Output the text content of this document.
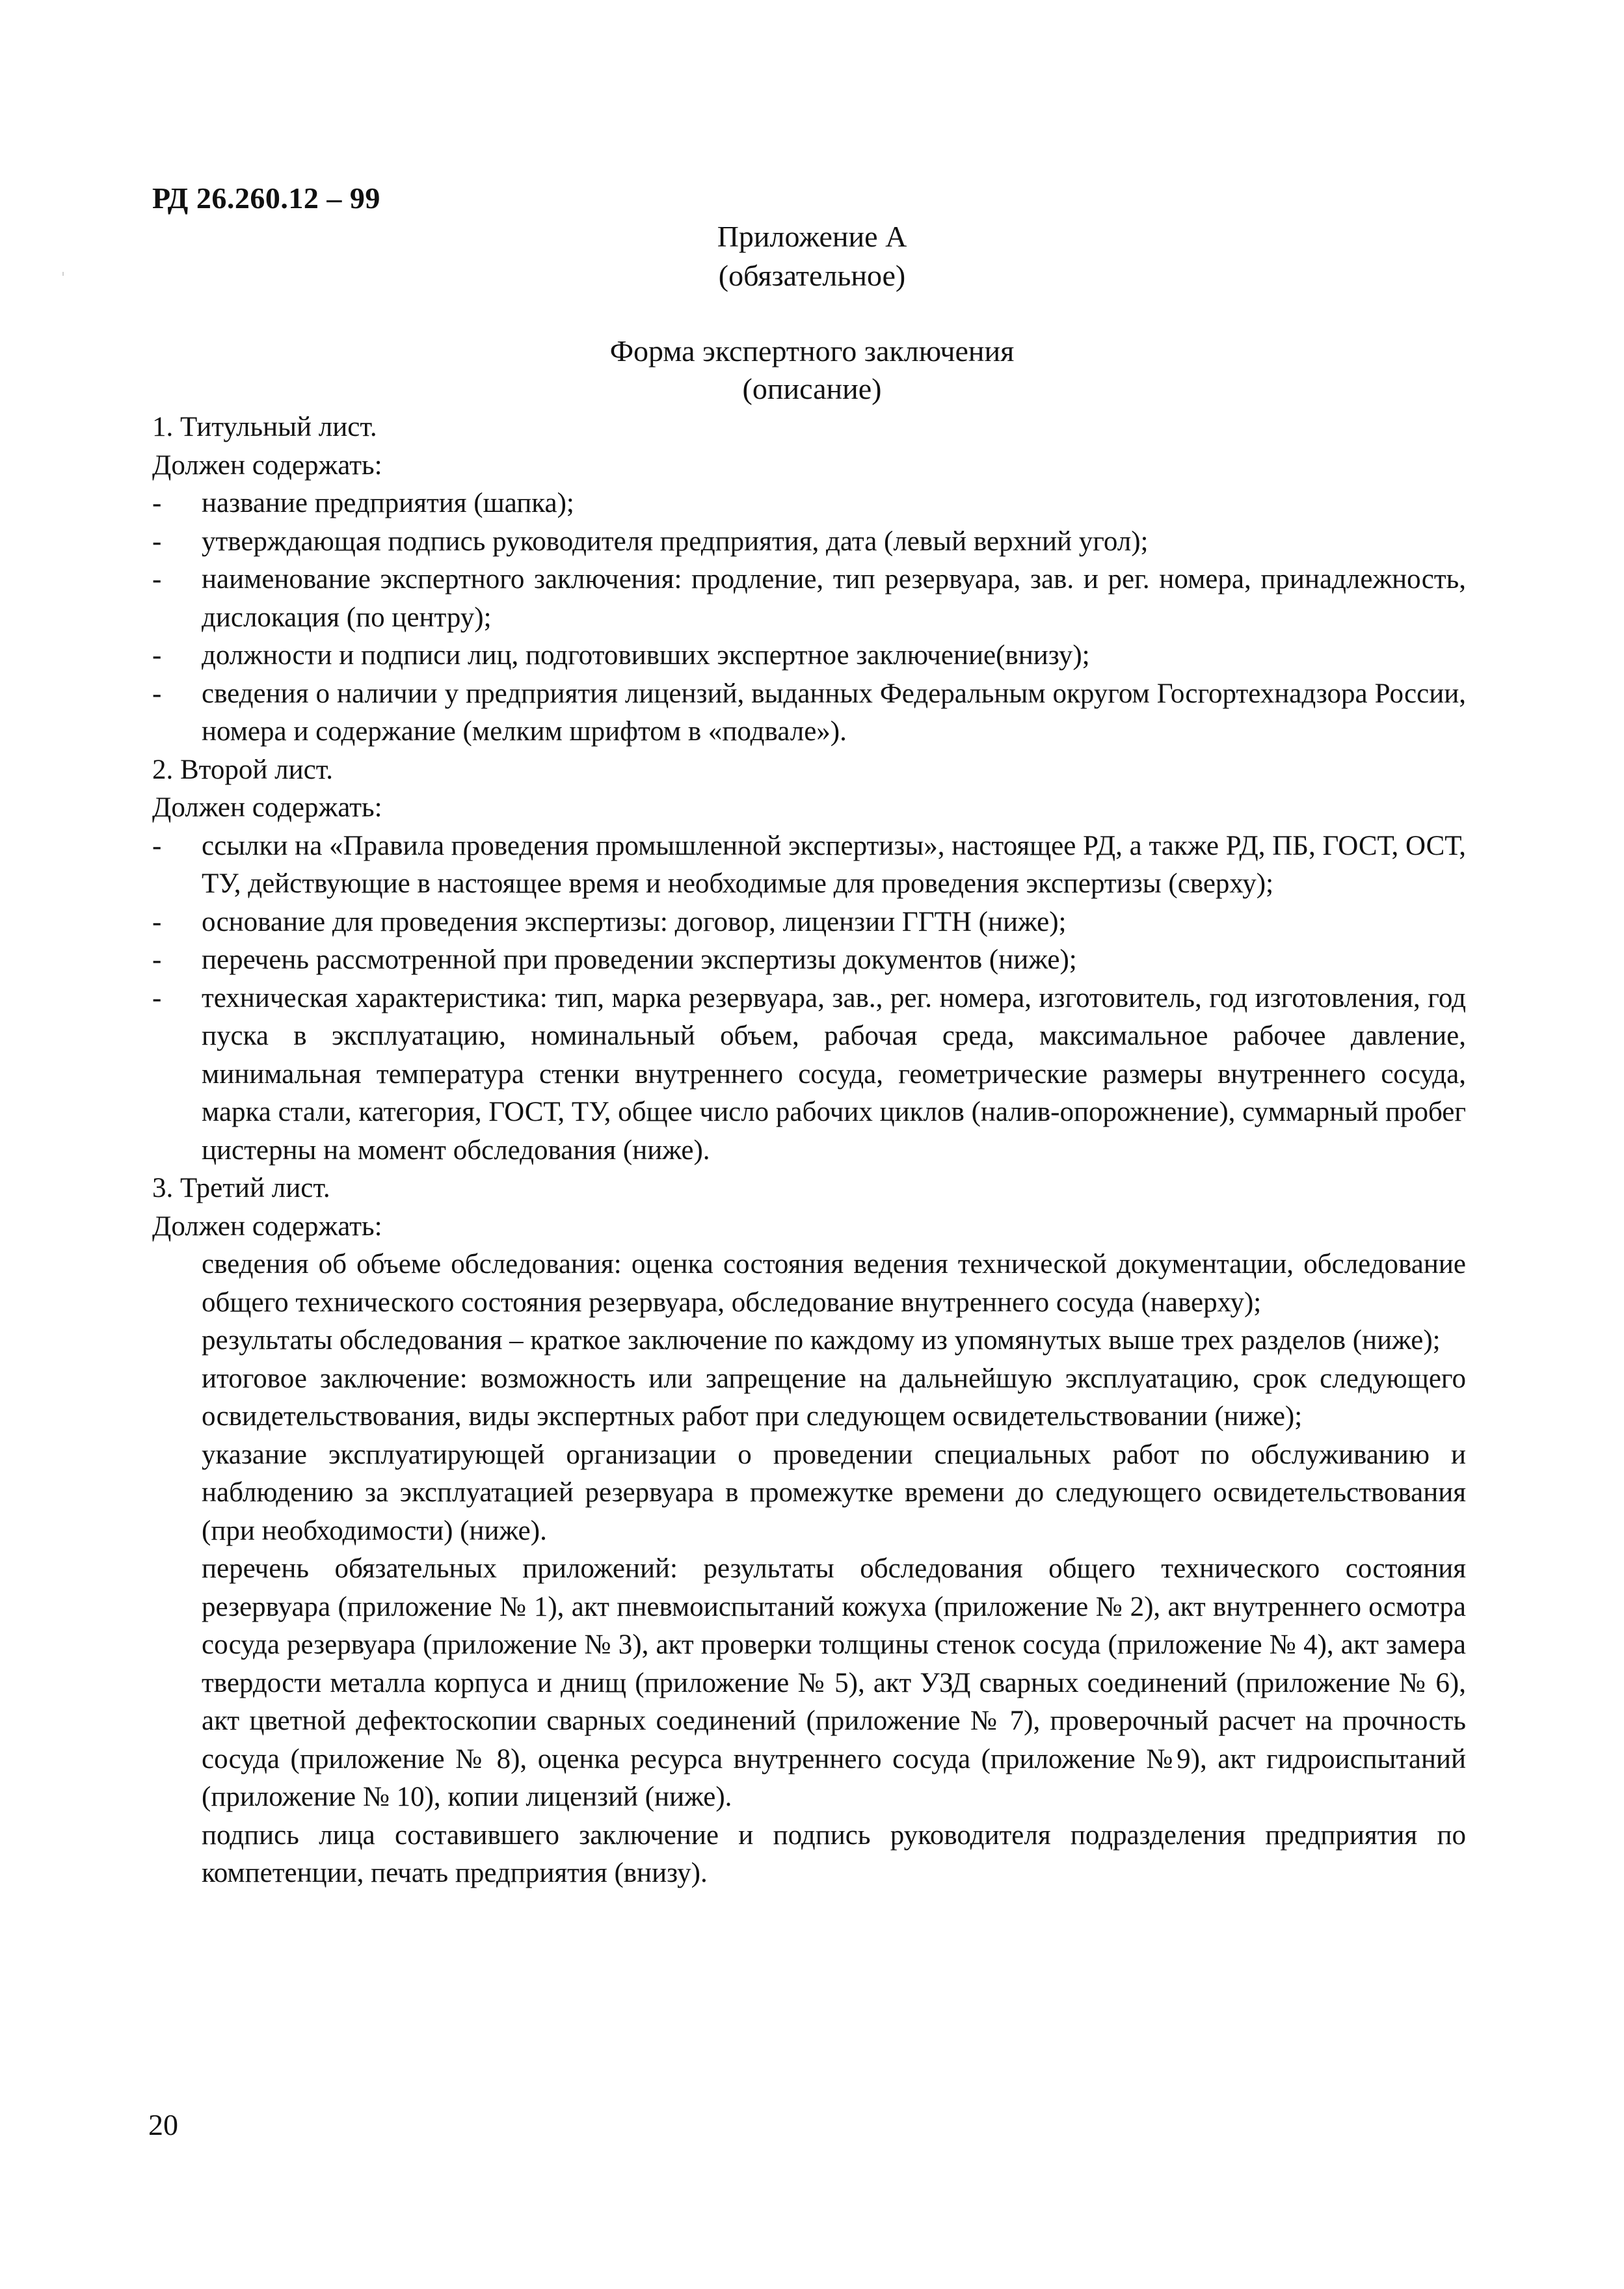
РД 26.260.12 – 99
Приложение А
(обязательное)
Форма экспертного заключения
(описание)

1. Титульный лист.

Должен содержать:

-	название предприятия (шапка);

-	утверждающая подпись руководителя предприятия, дата (левый верхний угол);

-	наименование экспертного заключения: продление, тип резервуара, зав. и рег. номера, принадлежность, дислокация (по центру);

-	должности и подписи лиц, подготовивших экспертное заключение(внизу);

-	сведения о наличии у предприятия лицензий, выданных Федеральным округом Госгортехнадзора России, номера и содержание (мелким шрифтом в «подвале»).

2. Второй лист.

Должен содержать:

-	ссылки на «Правила проведения промышленной экспертизы», настоящее РД, а также РД, ПБ, ГОСТ, ОСТ, ТУ, действующие в настоящее время и необходимые для проведения экспертизы (сверху);

-	основание для проведения экспертизы: договор, лицензии ГГТН (ниже);

-	перечень рассмотренной при проведении экспертизы документов (ниже);

-	техническая характеристика: тип, марка резервуара, зав., рег. номера, изготовитель, год изготовления, год пуска в эксплуатацию, номинальный объем, рабочая среда, максимальное рабочее давление, минимальная температура стенки внутреннего сосуда, геометрические размеры внутреннего сосуда, марка стали, категория, ГОСТ, ТУ, общее число рабочих циклов (налив-опорожнение), суммарный пробег цистерны на момент обследования (ниже).

3. Третий лист.

Должен содержать:

сведения об объеме обследования: оценка состояния ведения технической документации, обследование общего технического состояния резервуара, обследование внутреннего сосуда (наверху);

результаты обследования – краткое заключение по каждому из упомянутых выше трех разделов (ниже);

итоговое заключение: возможность или запрещение на дальнейшую эксплуатацию, срок следующего освидетельствования, виды экспертных работ при следующем освидетельствовании (ниже);

указание эксплуатирующей организации о проведении специальных работ по обслуживанию и наблюдению за эксплуатацией резервуара в промежутке времени до следующего освидетельствования (при необходимости) (ниже).

перечень обязательных приложений: результаты обследования общего технического состояния резервуара (приложение № 1), акт пневмоиспытаний кожуха (приложение № 2), акт внутреннего осмотра сосуда резервуара (приложение № 3), акт проверки толщины стенок сосуда (приложение № 4), акт замера твердости металла корпуса и днищ (приложение № 5), акт УЗД сварных соединений (приложение № 6), акт цветной дефектоскопии сварных соединений (приложение № 7), проверочный расчет на прочность сосуда (приложение № 8), оценка ресурса внутреннего сосуда (приложение №9), акт гидроиспытаний (приложение № 10), копии лицензий (ниже).

подпись лица составившего заключение и подпись руководителя подразделения предприятия по компетенции, печать предприятия (внизу).

20
